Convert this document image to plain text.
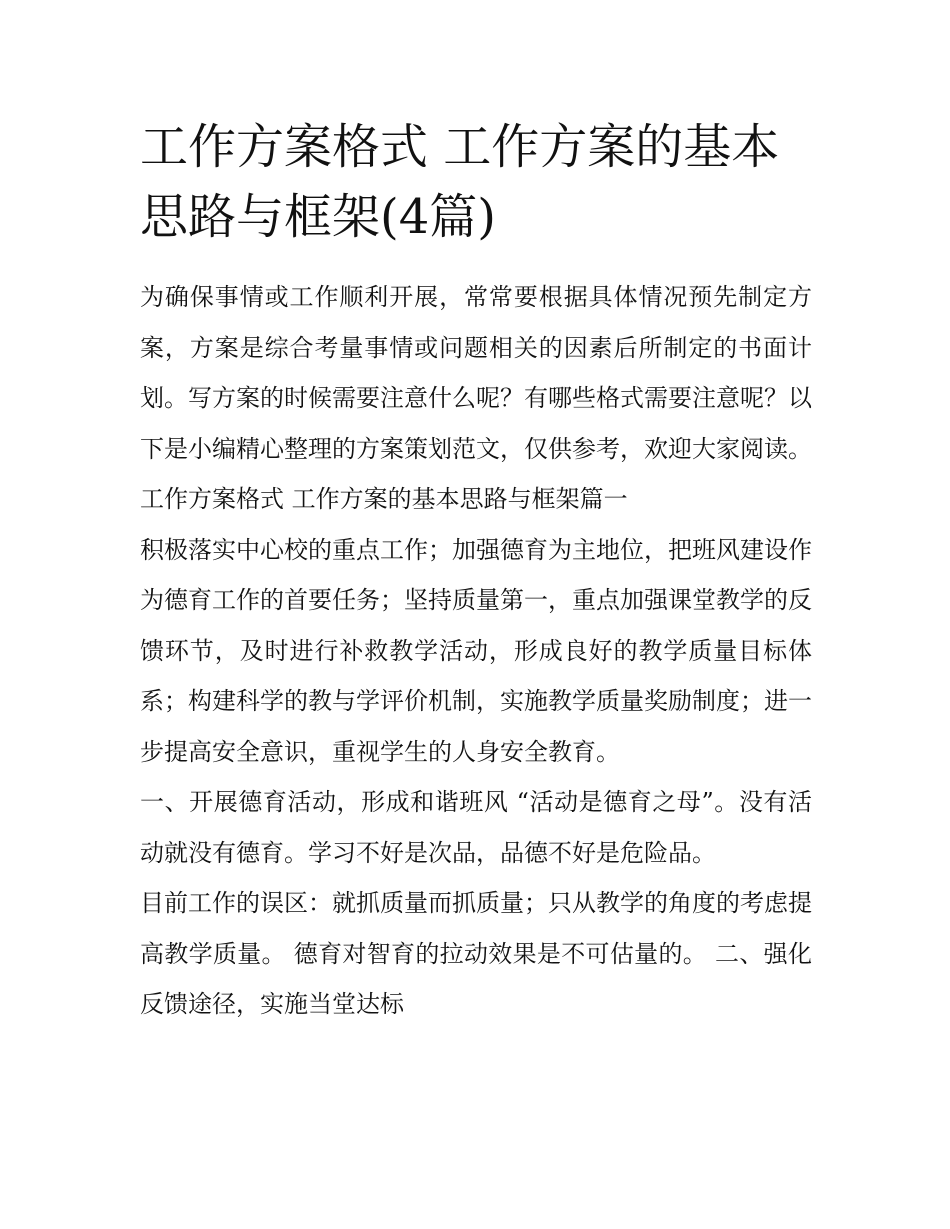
工作方案格式 工作方案的基本思路与框架(4篇)

为确保事情或工作顺利开展，常常要根据具体情况预先制定方案，方案是综合考量事情或问题相关的因素后所制定的书面计划。写方案的时候需要注意什么呢？有哪些格式需要注意呢？以下是小编精心整理的方案策划范文，仅供参考，欢迎大家阅读。

工作方案格式 工作方案的基本思路与框架篇一

积极落实中心校的重点工作；加强德育为主地位，把班风建设作为德育工作的首要任务；坚持质量第一，重点加强课堂教学的反馈环节，及时进行补救教学活动，形成良好的教学质量目标体系；构建科学的教与学评价机制，实施教学质量奖励制度；进一步提高安全意识，重视学生的人身安全教育。

一、开展德育活动，形成和谐班风 “活动是德育之母”。没有活动就没有德育。学习不好是次品，品德不好是危险品。

目前工作的误区：就抓质量而抓质量；只从教学的角度的考虑提高教学质量。 德育对智育的拉动效果是不可估量的。 二、强化反馈途径，实施当堂达标
